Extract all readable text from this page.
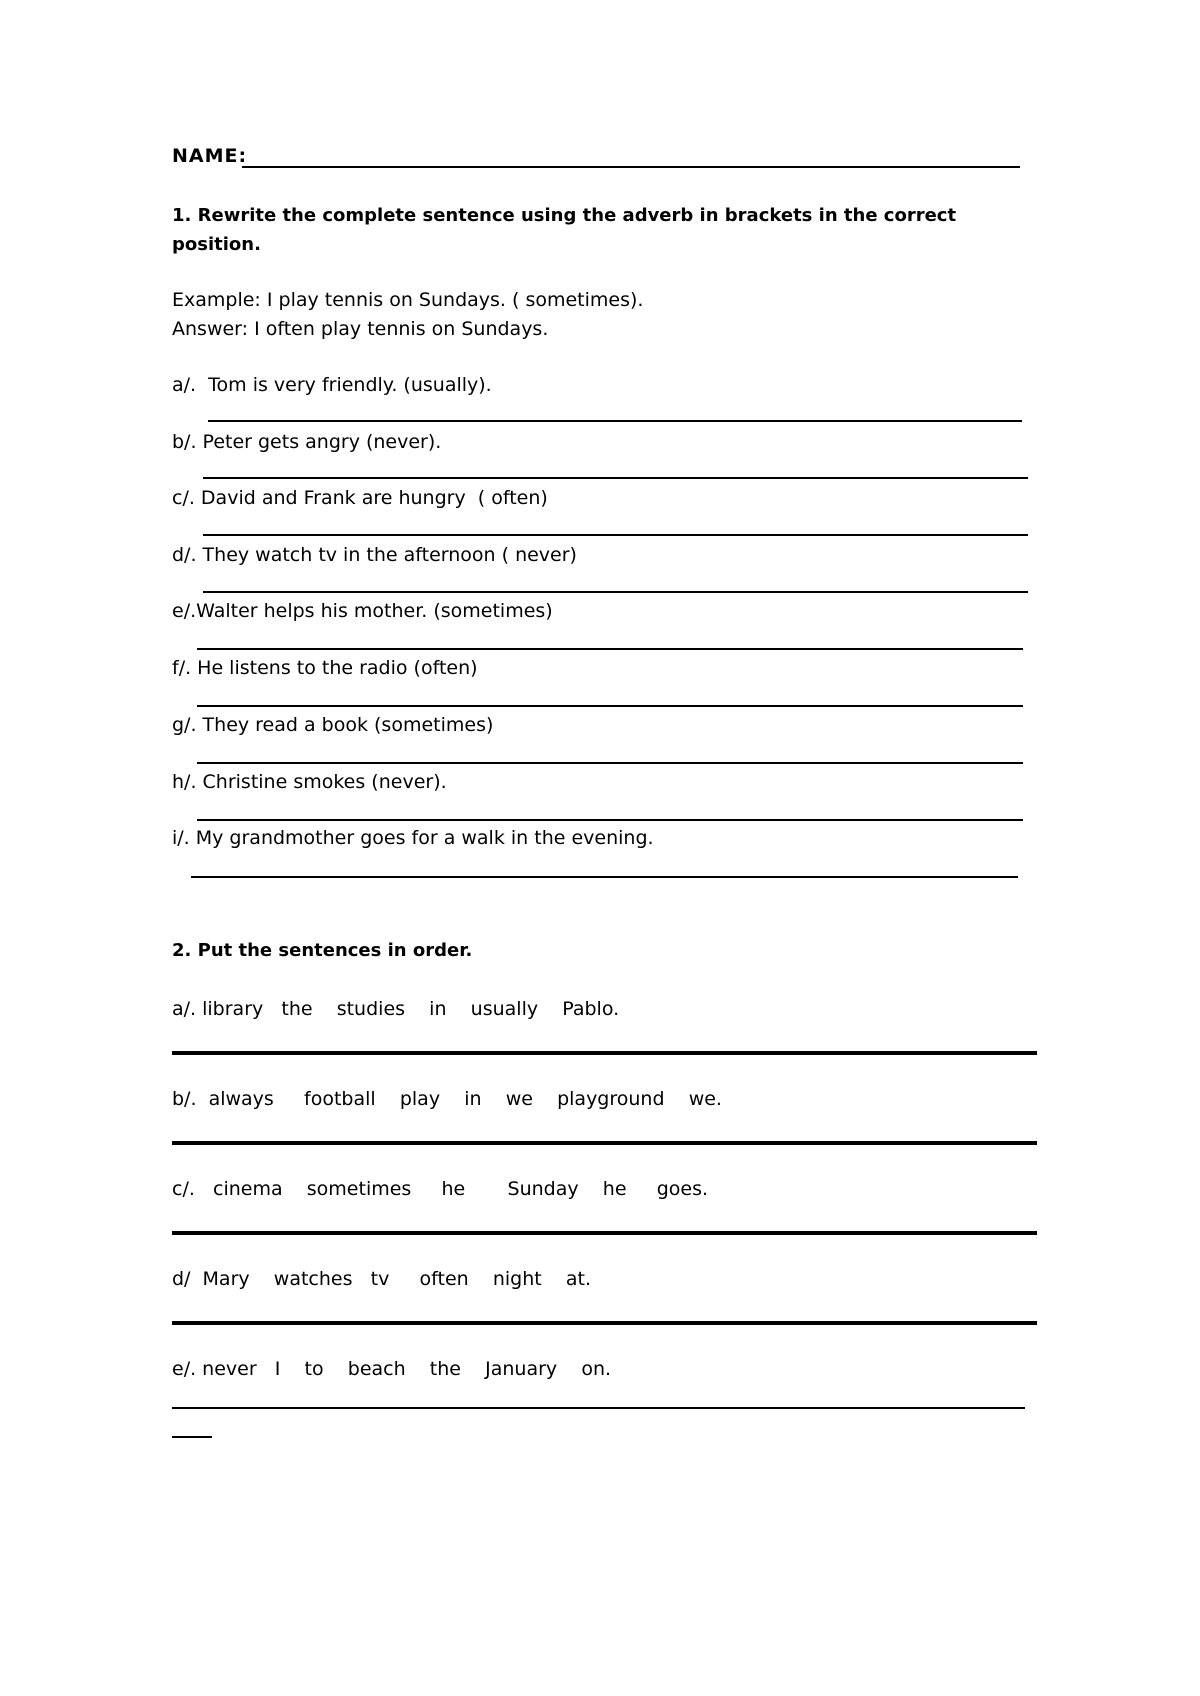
NAME:
1. Rewrite the complete sentence using the adverb in brackets in the correct position.
Example: I play tennis on Sundays. ( sometimes).
Answer: I often play tennis on Sundays.
a/.  Tom is very friendly. (usually).
b/. Peter gets angry (never).
c/. David and Frank are hungry  ( often)
d/. They watch tv in the afternoon ( never)
e/.Walter helps his mother. (sometimes)
f/. He listens to the radio (often)
g/. They read a book (sometimes)
h/. Christine smokes (never).
i/. My grandmother goes for a walk in the evening.
2. Put the sentences in order.
a/. library   the    studies    in    usually    Pablo.
b/.  always     football    play    in    we    playground    we.
c/.   cinema    sometimes     he       Sunday    he     goes.
d/  Mary    watches   tv     often    night    at.
e/. never   I    to    beach    the    January    on.
